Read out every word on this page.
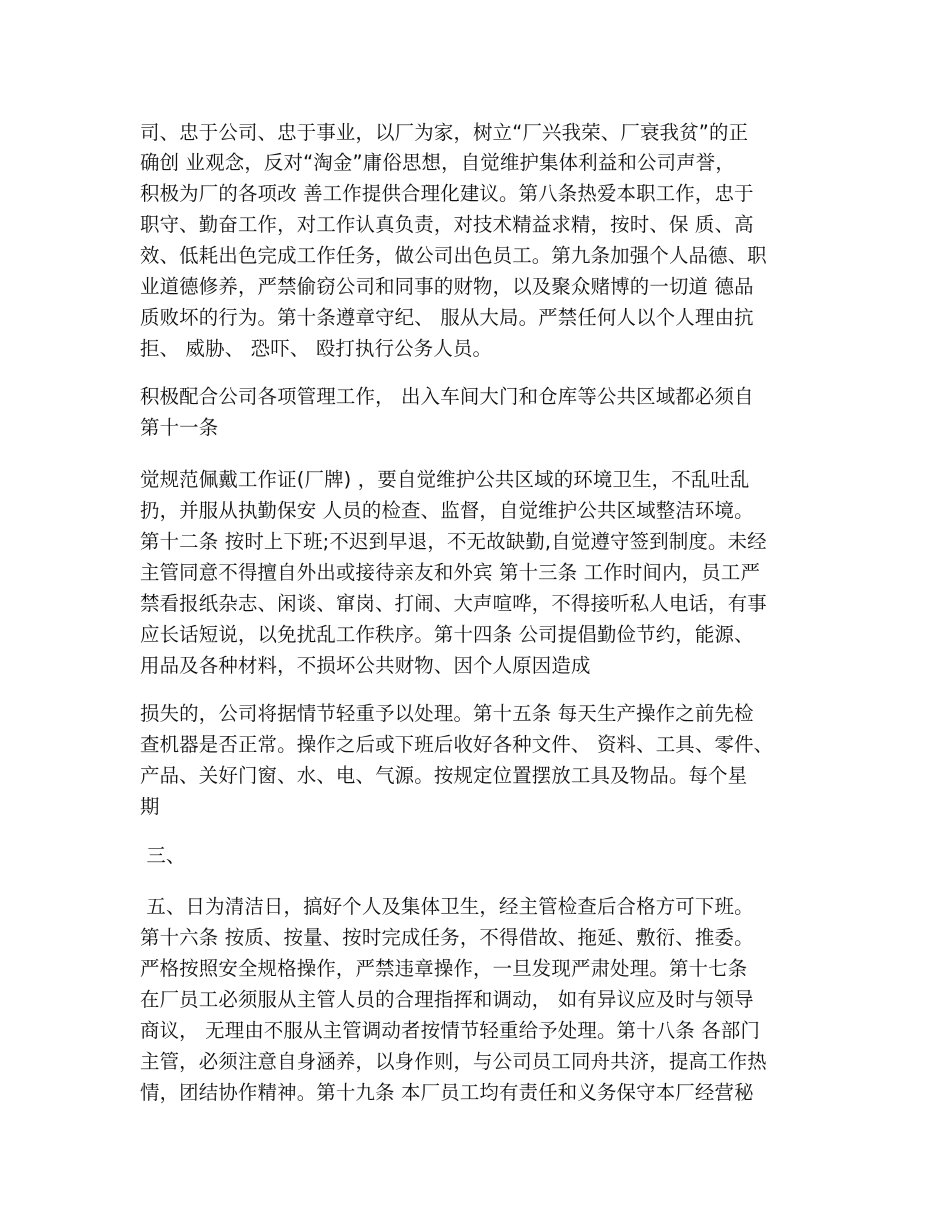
司、忠于公司、忠于事业，以厂为家，树立“厂兴我荣、厂衰我贫”的正
确创 业观念，反对“淘金”庸俗思想，自觉维护集体利益和公司声誉，
积极为厂的各项改 善工作提供合理化建议。第八条热爱本职工作，忠于
职守、勤奋工作，对工作认真负责，对技术精益求精，按时、保 质、高
效、低耗出色完成工作任务，做公司出色员工。第九条加强个人品德、职
业道德修养，严禁偷窃公司和同事的财物，以及聚众赌博的一切道 德品
质败坏的行为。第十条遵章守纪、 服从大局。严禁任何人以个人理由抗
拒、 威胁、 恐吓、 殴打执行公务人员。
积极配合公司各项管理工作， 出入车间大门和仓库等公共区域都必须自
第十一条
觉规范佩戴工作证(厂牌) ，要自觉维护公共区域的环境卫生，不乱吐乱
扔，并服从执勤保安 人员的检查、监督，自觉维护公共区域整洁环境。
第十二条 按时上下班;不迟到早退，不无故缺勤,自觉遵守签到制度。未经
主管同意不得擅自外出或接待亲友和外宾 第十三条 工作时间内，员工严
禁看报纸杂志、闲谈、窜岗、打闹、大声喧哗，不得接听私人电话，有事
应长话短说，以免扰乱工作秩序。第十四条 公司提倡勤俭节约，能源、
用品及各种材料，不损坏公共财物、因个人原因造成
损失的，公司将据情节轻重予以处理。第十五条 每天生产操作之前先检
查机器是否正常。操作之后或下班后收好各种文件、 资料、工具、零件、
产品、关好门窗、水、电、气源。按规定位置摆放工具及物品。每个星
期
三、
五、日为清洁日，搞好个人及集体卫生，经主管检查后合格方可下班。
第十六条 按质、按量、按时完成任务，不得借故、拖延、敷衍、推委。
严格按照安全规格操作，严禁违章操作，一旦发现严肃处理。第十七条
在厂员工必须服从主管人员的合理指挥和调动， 如有异议应及时与领导
商议， 无理由不服从主管调动者按情节轻重给予处理。第十八条 各部门
主管，必须注意自身涵养，以身作则，与公司员工同舟共济，提高工作热
情，团结协作精神。第十九条 本厂员工均有责任和义务保守本厂经营秘
